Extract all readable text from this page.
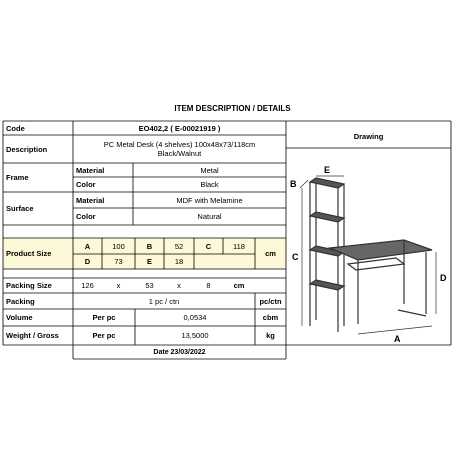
ITEM DESCRIPTION / DETAILS
Code	EO402,2 ( E-00021919 )
Description	PC Metal Desk (4 shelves) 100x48x73/118cm
Black/Walnut
Frame
Material	Metal
Color	Black
Surface
Material	MDF with Melamine
Color	Natural
Product Size
A	100	B	52	C	118
D	73	E	18
cm
Packing Size	126	x	53	x	8	cm
Packing	1 pc / ctn	pc/ctn
Volume	Per pc	0,0534	cbm
Weight / Gross	Per pc	13,5000	kg
Date 23/03/2022
Drawing
B
E
C
D
A
